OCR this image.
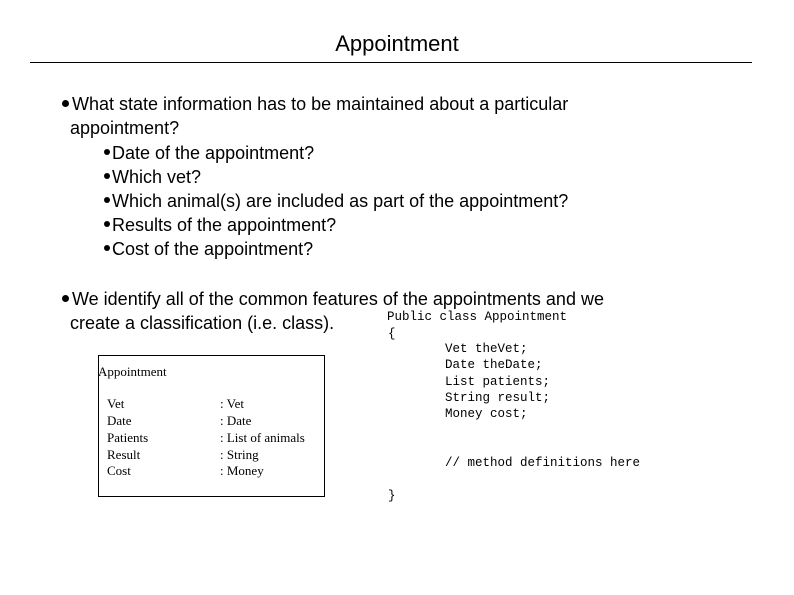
Appointment
What state information has to be maintained about a particular
appointment?
Date of the appointment?
Which vet?
Which animal(s) are included as part of the appointment?
Results of the appointment?
Cost of the appointment?
We identify all of the common features of the appointments and we
create a classification (i.e. class).
Appointment
Vet
Date
Patients
Result
Cost
: Vet
: Date
: List of animals
: String
: Money
Public class Appointment
{
Vet theVet;
Date theDate;
List patients;
String result;
Money cost;
// method definitions here
}
